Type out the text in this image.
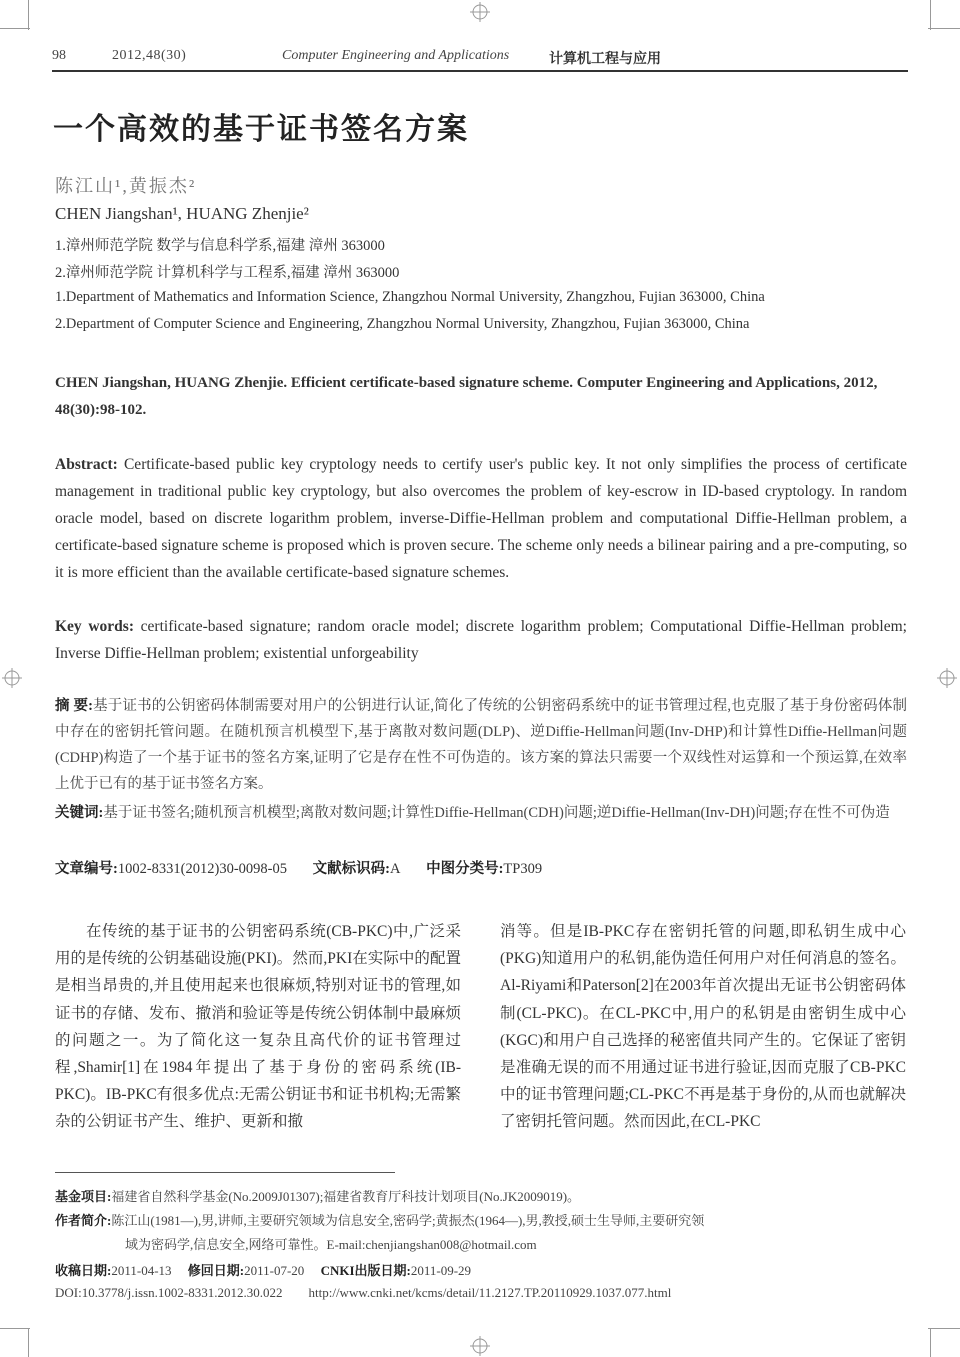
98	2012,48(30)	Computer Engineering and Applications	计算机工程与应用
一个高效的基于证书签名方案
陈江山¹,黄振杰²
CHEN Jiangshan¹, HUANG Zhenjie²
1.漳州师范学院 数学与信息科学系,福建 漳州 363000
2.漳州师范学院 计算机科学与工程系,福建 漳州 363000
1.Department of Mathematics and Information Science, Zhangzhou Normal University, Zhangzhou, Fujian 363000, China
2.Department of Computer Science and Engineering, Zhangzhou Normal University, Zhangzhou, Fujian 363000, China
CHEN Jiangshan, HUANG Zhenjie. Efficient certificate-based signature scheme. Computer Engineering and Applications, 2012, 48(30):98-102.
Abstract: Certificate-based public key cryptology needs to certify user's public key. It not only simplifies the process of certificate management in traditional public key cryptology, but also overcomes the problem of key-escrow in ID-based cryptology. In random oracle model, based on discrete logarithm problem, inverse-Diffie-Hellman problem and computational Diffie-Hellman problem, a certificate-based signature scheme is proposed which is proven secure. The scheme only needs a bilinear pairing and a pre-computing, so it is more efficient than the available certificate-based signature schemes.
Key words: certificate-based signature; random oracle model; discrete logarithm problem; Computational Diffie-Hellman problem; Inverse Diffie-Hellman problem; existential unforgeability
摘 要:基于证书的公钥密码体制需要对用户的公钥进行认证,简化了传统的公钥密码系统中的证书管理过程,也克服了基于身份密码体制中存在的密钥托管问题。在随机预言机模型下,基于离散对数问题(DLP)、逆Diffie-Hellman问题(Inv-DHP)和计算性Diffie-Hellman问题(CDHP)构造了一个基于证书的签名方案,证明了它是存在性不可伪造的。该方案的算法只需要一个双线性对运算和一个预运算,在效率上优于已有的基于证书签名方案。
关键词:基于证书签名;随机预言机模型;离散对数问题;计算性Diffie-Hellman(CDH)问题;逆Diffie-Hellman(Inv-DH)问题;存在性不可伪造
文章编号:1002-8331(2012)30-0098-05 文献标识码:A 中图分类号:TP309
在传统的基于证书的公钥密码系统(CB-PKC)中,广泛采用的是传统的公钥基础设施(PKI)。然而,PKI在实际中的配置是相当昂贵的,并且使用起来也很麻烦,特别对证书的管理,如证书的存储、发布、撤消和验证等是传统公钥体制中最麻烦的问题之一。为了简化这一复杂且高代价的证书管理过程,Shamir[1]在1984年提出了基于身份的密码系统(IB-PKC)。IB-PKC有很多优点:无需公钥证书和证书机构;无需繁杂的公钥证书产生、维护、更新和撤
消等。但是IB-PKC存在密钥托管的问题,即私钥生成中心(PKG)知道用户的私钥,能伪造任何用户对任何消息的签名。Al-Riyami和Paterson[2]在2003年首次提出无证书公钥密码体制(CL-PKC)。在CL-PKC中,用户的私钥是由密钥生成中心(KGC)和用户自己选择的秘密值共同产生的。它保证了密钥是准确无误的而不用通过证书进行验证,因而克服了CB-PKC中的证书管理问题;CL-PKC不再是基于身份的,从而也就解决了密钥托管问题。然而因此,在CL-PKC
基金项目:福建省自然科学基金(No.2009J01307);福建省教育厅科技计划项目(No.JK2009019)。
作者简介:陈江山(1981—),男,讲师,主要研究领域为信息安全,密码学;黄振杰(1964—),男,教授,硕士生导师,主要研究领
域为密码学,信息安全,网络可靠性。E-mail:chenjiangshan008@hotmail.com
收稿日期:2011-04-13 修回日期:2011-07-20 CNKI出版日期:2011-09-29
DOI:10.3778/j.issn.1002-8331.2012.30.022 http://www.cnki.net/kcms/detail/11.2127.TP.20110929.1037.077.html
